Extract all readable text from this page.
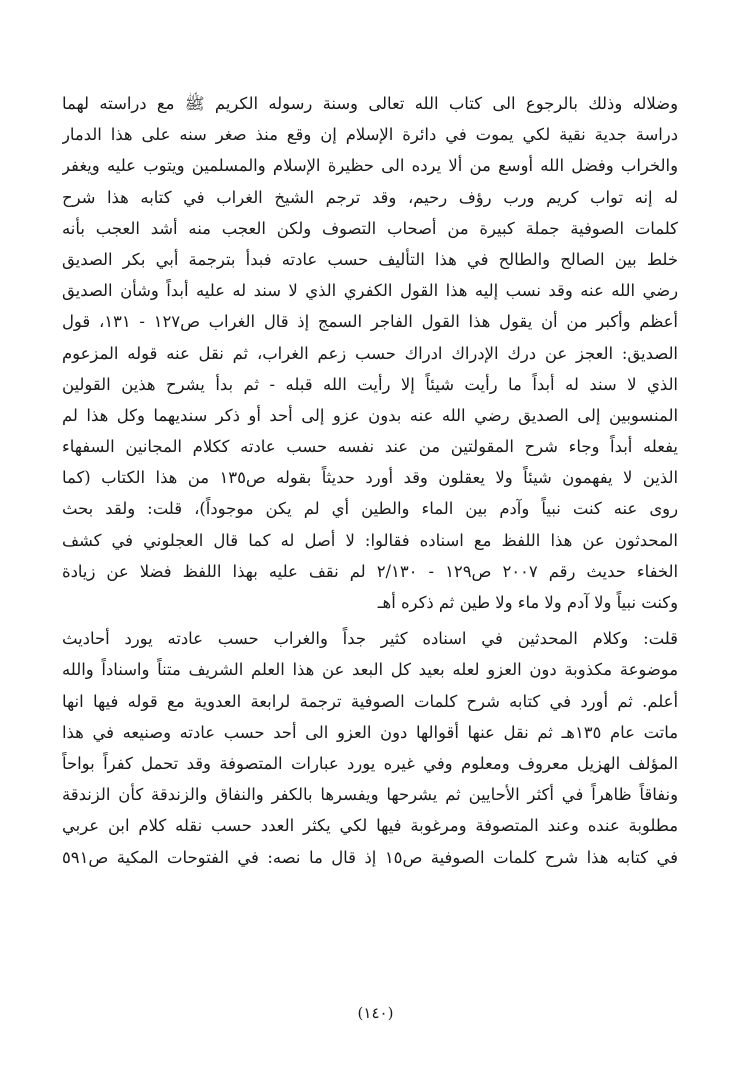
وضلاله وذلك بالرجوع الى كتاب الله تعالى وسنة رسوله الكريم ﷺ مع دراسته لهما
دراسة جدية نقية لكي يموت في دائرة الإسلام إن وقع منذ صغر سنه على هذا الدمار
والخراب وفضل الله أوسع من ألا يرده الى حظيرة الإسلام والمسلمين ويتوب عليه ويغفر
له إنه تواب كريم ورب رؤف رحيم، وقد ترجم الشيخ الغراب في كتابه هذا شرح
كلمات الصوفية جملة كبيرة من أصحاب التصوف ولكن العجب منه أشد العجب بأنه
خلط بين الصالح والطالح في هذا التأليف حسب عادته فبدأ بترجمة أبي بكر الصديق
رضي الله عنه وقد نسب إليه هذا القول الكفري الذي لا سند له عليه أبداً وشأن الصديق
أعظم وأكبر من أن يقول هذا القول الفاجر السمج إذ قال الغراب ص١٢٧ - ١٣١، قول
الصديق: العجز عن درك الإدراك ادراك حسب زعم الغراب، ثم نقل عنه قوله المزعوم
الذي لا سند له أبداً ما رأيت شيئاً إلا رأيت الله قبله - ثم بدأ يشرح هذين القولين
المنسوبين إلى الصديق رضي الله عنه بدون عزو إلى أحد أو ذكر سنديهما وكل هذا لم
يفعله أبداً وجاء شرح المقولتين من عند نفسه حسب عادته ككلام المجانين السفهاء
الذين لا يفهمون شيئاً ولا يعقلون وقد أورد حديثاً بقوله ص١٣٥ من هذا الكتاب (كما
روى عنه كنت نبياً وآدم بين الماء والطين أي لم يكن موجوداً)، قلت: ولقد بحث
المحدثون عن هذا اللفظ مع اسناده فقالوا: لا أصل له كما قال العجلوني في كشف
الخفاء حديث رقم ٢٠٠٧ ص١٢٩ - ٢/١٣٠ لم نقف عليه بهذا اللفظ فضلا عن زيادة
وكنت نبياً ولا آدم ولا ماء ولا طين ثم ذكره أهـ
قلت: وكلام المحدثين في اسناده كثير جداً والغراب حسب عادته يورد أحاديث
موضوعة مكذوبة دون العزو لعله بعيد كل البعد عن هذا العلم الشريف متناً واسناداً والله
أعلم. ثم أورد في كتابه شرح كلمات الصوفية ترجمة لرابعة العدوية مع قوله فيها انها
ماتت عام ١٣٥هـ ثم نقل عنها أقوالها دون العزو الى أحد حسب عادته وصنيعه في هذا
المؤلف الهزيل معروف ومعلوم وفي غيره يورد عبارات المتصوفة وقد تحمل كفراً بواحاً
ونفاقاً ظاهراً في أكثر الأحايين ثم يشرحها ويفسرها بالكفر والنفاق والزندقة كأن الزندقة
مطلوبة عنده وعند المتصوفة ومرغوبة فيها لكي يكثر العدد حسب نقله كلام ابن عربي
في كتابه هذا شرح كلمات الصوفية ص١٥ إذ قال ما نصه: في الفتوحات المكية ص٥٩١
(١٤٠)
